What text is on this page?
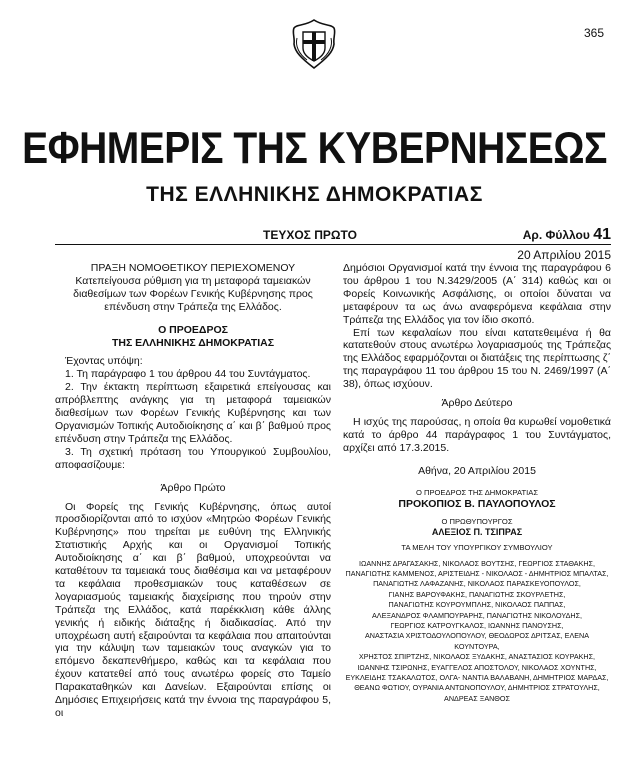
365
ΕΦΗΜΕΡΙΣ ΤΗΣ ΚΥΒΕΡΝΗΣΕΩΣ
ΤΗΣ ΕΛΛΗΝΙΚΗΣ ΔΗΜΟΚΡΑΤΙΑΣ
ΤΕΥΧΟΣ ΠΡΩΤΟ	Αρ. Φύλλου 41
20 Απριλίου 2015

ΠΡΑΞΗ ΝΟΜΟΘΕΤΙΚΟΥ ΠΕΡΙΕΧΟΜΕΝΟΥ

Κατεπείγουσα ρύθμιση για τη μεταφορά ταμειακών διαθεσίμων των Φορέων Γενικής Κυβέρνησης προς επένδυση στην Τράπεζα της Ελλάδος.

Ο ΠΡΟΕΔΡΟΣ

ΤΗΣ ΕΛΛΗΝΙΚΗΣ ΔΗΜΟΚΡΑΤΙΑΣ

Έχοντας υπόψη:

1. Τη παράγραφο 1 του άρθρου 44 του Συντάγματος.

2. Την έκτακτη περίπτωση εξαιρετικά επείγουσας και απρόβλεπτης ανάγκης για τη μεταφορά ταμειακών διαθεσίμων των Φορέων Γενικής Κυβέρνησης και των Οργανισμών Τοπικής Αυτοδιοίκησης α΄ και β΄ βαθμού προς επένδυση στην Τράπεζα της Ελλάδος.

3. Τη σχετική πρόταση του Υπουργικού Συμβουλίου, αποφασίζουμε:

Άρθρο Πρώτο

Οι Φορείς της Γενικής Κυβέρνησης, όπως αυτοί προσδιορίζονται από το ισχύον «Μητρώο Φορέων Γενικής Κυβέρνησης» που τηρείται με ευθύνη της Ελληνικής Στατιστικής Αρχής και οι Οργανισμοί Τοπικής Αυτοδιοίκησης α΄ και β΄ βαθμού, υποχρεούνται να καταθέτουν τα ταμειακά τους διαθέσιμα και να μεταφέρουν τα κεφάλαια προθεσμιακών τους καταθέσεων σε λογαριασμούς ταμειακής διαχείρισης που τηρούν στην Τράπεζα της Ελλάδος, κατά παρέκκλιση κάθε άλλης γενικής ή ειδικής διάταξης ή διαδικασίας. Από την υποχρέωση αυτή εξαιρούνται τα κεφάλαια που απαιτούνται για την κάλυψη των ταμειακών τους αναγκών για το επόμενο δεκαπενθήμερο, καθώς και τα κεφάλαια που έχουν κατατεθεί από τους ανωτέρω φορείς στο Ταμείο Παρακαταθηκών και Δανείων. Εξαιρούνται επίσης οι Δημόσιες Επιχειρήσεις κατά την έννοια της παραγράφου 5, οι

Δημόσιοι Οργανισμοί κατά την έννοια της παραγράφου 6 του άρθρου 1 του Ν.3429/2005 (Α΄ 314) καθώς και οι Φορείς Κοινωνικής Ασφάλισης, οι οποίοι δύναται να μεταφέρουν τα ως άνω αναφερόμενα κεφάλαια στην Τράπεζα της Ελλάδος για τον ίδιο σκοπό.

Επί των κεφαλαίων που είναι κατατεθειμένα ή θα κατατεθούν στους ανωτέρω λογαριασμούς της Τράπεζας της Ελλάδος εφαρμόζονται οι διατάξεις της περίπτωσης ζ΄ της παραγράφου 11 του άρθρου 15 του Ν. 2469/1997 (Α΄ 38), όπως ισχύουν.

Άρθρο Δεύτερο

Η ισχύς της παρούσας, η οποία θα κυρωθεί νομοθετικά κατά το άρθρο 44 παράγραφος 1 του Συντάγματος, αρχίζει από 17.3.2015.

Αθήνα, 20 Απριλίου 2015

Ο ΠΡΟΕΔΡΟΣ ΤΗΣ ΔΗΜΟΚΡΑΤΙΑΣ

ΠΡΟΚΟΠΙΟΣ Β. ΠΑΥΛΟΠΟΥΛΟΣ

Ο ΠΡΩΘΥΠΟΥΡΓΟΣ

ΑΛΕΞΙΟΣ Π. ΤΣΙΠΡΑΣ

ΤΑ ΜΕΛΗ ΤΟΥ ΥΠΟΥΡΓΙΚΟΥ ΣΥΜΒΟΥΛΙΟΥ

ΙΩΑΝΝΗΣ ΔΡΑΓΑΣΑΚΗΣ, ΝΙΚΟΛΑΟΣ ΒΟΥΤΣΗΣ, ΓΕΩΡΓΙΟΣ ΣΤΑΘΑΚΗΣ,
ΠΑΝΑΓΙΩΤΗΣ ΚΑΜΜΕΝΟΣ, ΑΡΙΣΤΕΙΔΗΣ - ΝΙΚΟΛΑΟΣ - ΔΗΜΗΤΡΙΟΣ ΜΠΑΛΤΑΣ,
ΠΑΝΑΓΙΩΤΗΣ ΛΑΦΑΖΑΝΗΣ, ΝΙΚΟΛΑΟΣ ΠΑΡΑΣΚΕΥΟΠΟΥΛΟΣ,
ΓΙΑΝΗΣ ΒΑΡΟΥΦΑΚΗΣ, ΠΑΝΑΓΙΩΤΗΣ ΣΚΟΥΡΛΕΤΗΣ,
ΠΑΝΑΓΙΩΤΗΣ ΚΟΥΡΟΥΜΠΛΗΣ, ΝΙΚΟΛΑΟΣ ΠΑΠΠΑΣ,
ΑΛΕΞΑΝΔΡΟΣ ΦΛΑΜΠΟΥΡΑΡΗΣ, ΠΑΝΑΓΙΩΤΗΣ ΝΙΚΟΛΟΥΔΗΣ,
ΓΕΩΡΓΙΟΣ ΚΑΤΡΟΥΓΚΑΛΟΣ, ΙΩΑΝΝΗΣ ΠΑΝΟΥΣΗΣ,
ΑΝΑΣΤΑΣΙΑ ΧΡΙΣΤΟΔΟΥΛΟΠΟΥΛΟΥ, ΘΕΟΔΩΡΟΣ ΔΡΙΤΣΑΣ, ΕΛΕΝΑ ΚΟΥΝΤΟΥΡΑ,
ΧΡΗΣΤΟΣ ΣΠΙΡΤΖΗΣ, ΝΙΚΟΛΑΟΣ ΞΥΔΑΚΗΣ, ΑΝΑΣΤΑΣΙΟΣ ΚΟΥΡΑΚΗΣ,
ΙΩΑΝΝΗΣ ΤΣΙΡΩΝΗΣ, ΕΥΑΓΓΕΛΟΣ ΑΠΟΣΤΟΛΟΥ, ΝΙΚΟΛΑΟΣ ΧΟΥΝΤΗΣ,
ΕΥΚΛΕΙΔΗΣ ΤΣΑΚΑΛΩΤΟΣ, ΟΛΓΑ- ΝΑΝΤΙΑ ΒΑΛΑΒΑΝΗ, ΔΗΜΗΤΡΙΟΣ ΜΑΡΔΑΣ,
ΘΕΑΝΩ ΦΩΤΙΟΥ, ΟΥΡΑΝΙΑ ΑΝΤΩΝΟΠΟΥΛΟΥ, ΔΗΜΗΤΡΙΟΣ ΣΤΡΑΤΟΥΛΗΣ,
ΑΝΔΡΕΑΣ ΞΑΝΘΟΣ
